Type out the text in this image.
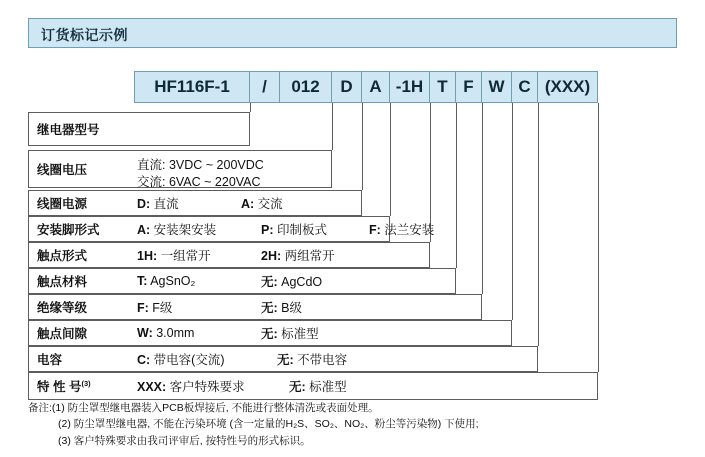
订货标记示例
HF116F-1	/	012	D A -1H T F W C (XXX)
继电器型号
线圈电压	直流: 3VDC ~ 200VDC
交流: 6VAC ~ 220VAC
线圈电源	D: 直流	A: 交流
安装脚形式	A: 安装架安装	P: 印制板式	F: 法兰安装
触点形式	1H: 一组常开	2H: 两组常开
触点材料	T: AgSnO₂	无: AgCdO
绝缘等级	F: F级	无: B级
触点间隙	W: 3.0mm	无: 标准型
电容	C: 带电容(交流)	无: 不带电容
特 性 号$^{(3)}$	XXX: 客户特殊要求	无: 标准型
备注:(1) 防尘罩型继电器装入PCB板焊接后, 不能进行整体清洗或表面处理。
(2) 防尘罩型继电器, 不能在污染环境 (含一定量的H₂S、SO₂、NO₂、粉尘等污染物) 下使用;
(3) 客户特殊要求由我司评审后, 按特性号的形式标识。
